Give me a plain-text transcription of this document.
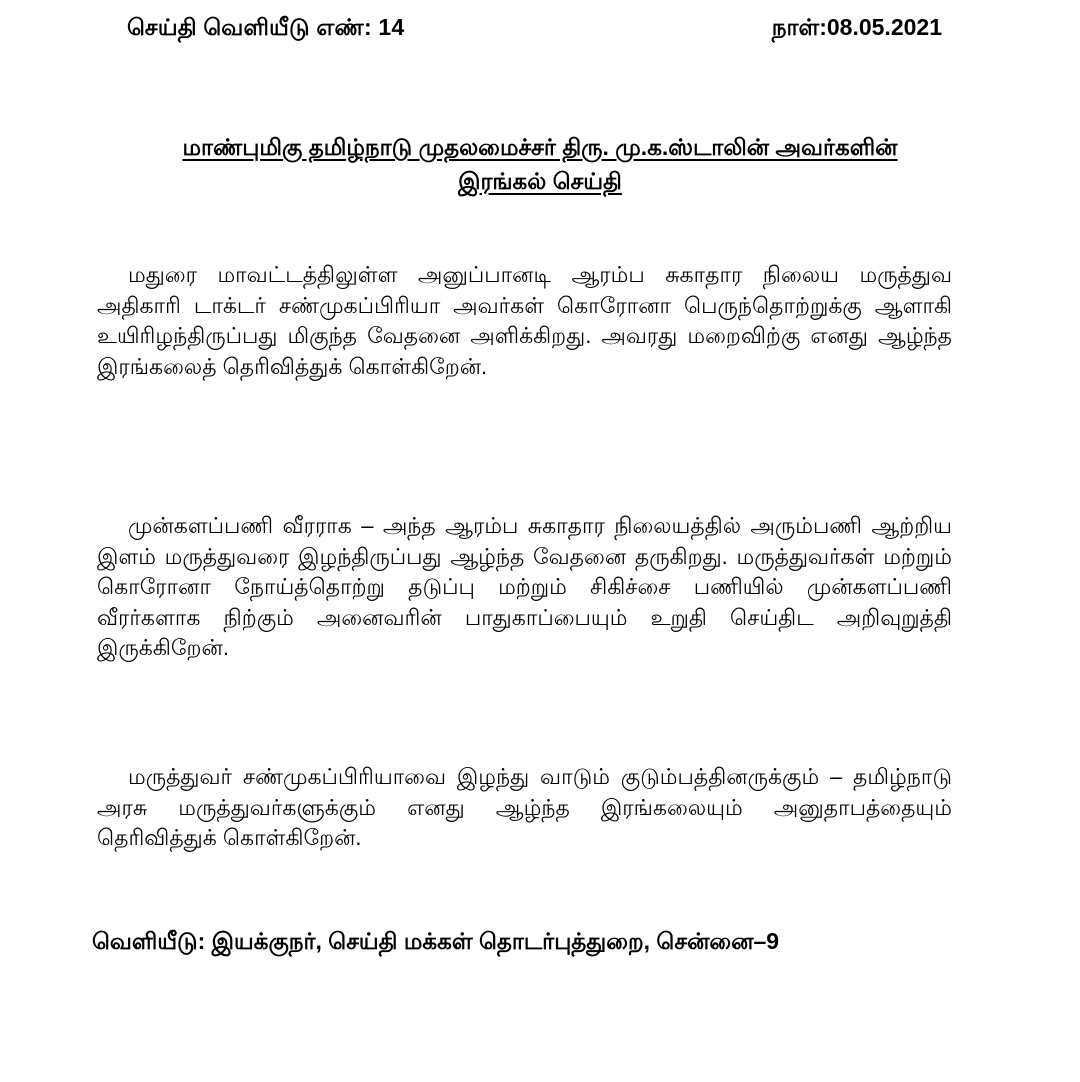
செய்தி வெளியீடு எண்: 14	நாள்:08.05.2021
மாண்புமிகு தமிழ்நாடு முதலமைச்சர் திரு. மு.க.ஸ்டாலின் அவர்களின்
இரங்கல் செய்தி

மதுரை மாவட்டத்திலுள்ள அனுப்பானடி ஆரம்ப சுகாதார நிலைய மருத்துவ அதிகாரி டாக்டர் சண்முகப்பிரியா அவர்கள் கொரோனா பெருந்தொற்றுக்கு ஆளாகி உயிரிழந்திருப்பது மிகுந்த வேதனை அளிக்கிறது. அவரது மறைவிற்கு எனது ஆழ்ந்த இரங்கலைத் தெரிவித்துக் கொள்கிறேன்.

முன்களப்பணி வீரராக – அந்த ஆரம்ப சுகாதார நிலையத்தில் அரும்பணி ஆற்றிய இளம் மருத்துவரை இழந்திருப்பது ஆழ்ந்த வேதனை தருகிறது. மருத்துவர்கள் மற்றும் கொரோனா நோய்த்தொற்று தடுப்பு மற்றும் சிகிச்சை பணியில் முன்களப்பணி வீரர்களாக நிற்கும் அனைவரின் பாதுகாப்பையும் உறுதி செய்திட அறிவுறுத்தி இருக்கிறேன்.

மருத்துவர் சண்முகப்பிரியாவை இழந்து வாடும் குடும்பத்தினருக்கும் – தமிழ்நாடு அரசு மருத்துவர்களுக்கும் எனது ஆழ்ந்த இரங்கலையும் அனுதாபத்தையும் தெரிவித்துக் கொள்கிறேன்.

வெளியீடு: இயக்குநர், செய்தி மக்கள் தொடர்புத்துறை, சென்னை–9
